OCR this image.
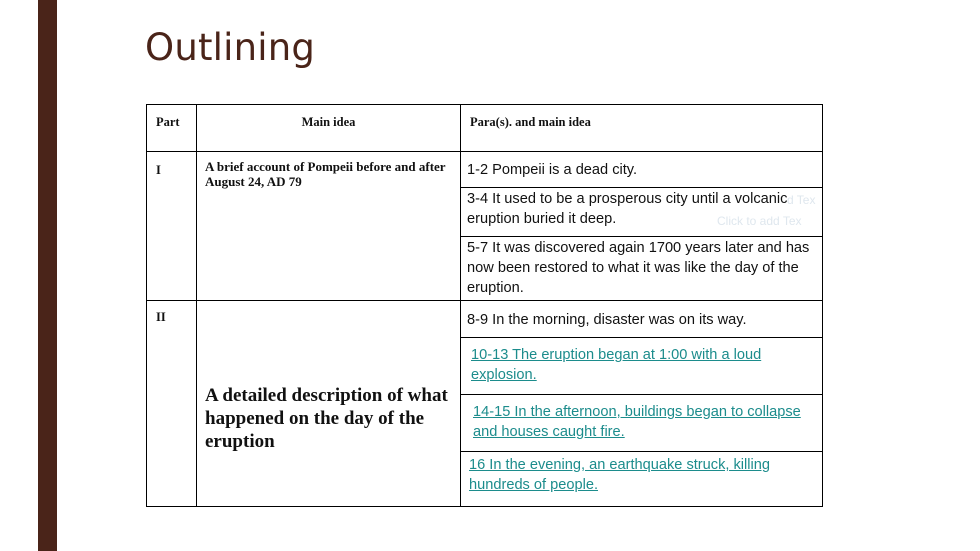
Outlining
d Tex
Click to add Tex
Part	Main idea	Para(s). and main idea
I	A brief account of Pompeii before and after August 24, AD 79	1-2 Pompeii is a dead city.
		3-4 It used to be a prosperous city until a volcanic eruption buried it deep.
		5-7 It was discovered again 1700 years later and has now been restored to what it was like the day of the eruption.
II	A detailed description of what happened on the day of the eruption	8-9 In the morning, disaster was on its way.
		10-13 The eruption began at 1:00 with a loud explosion.
		14-15 In the afternoon, buildings began to collapse and houses caught fire.
		16 In the evening, an earthquake struck, killing hundreds of people.
